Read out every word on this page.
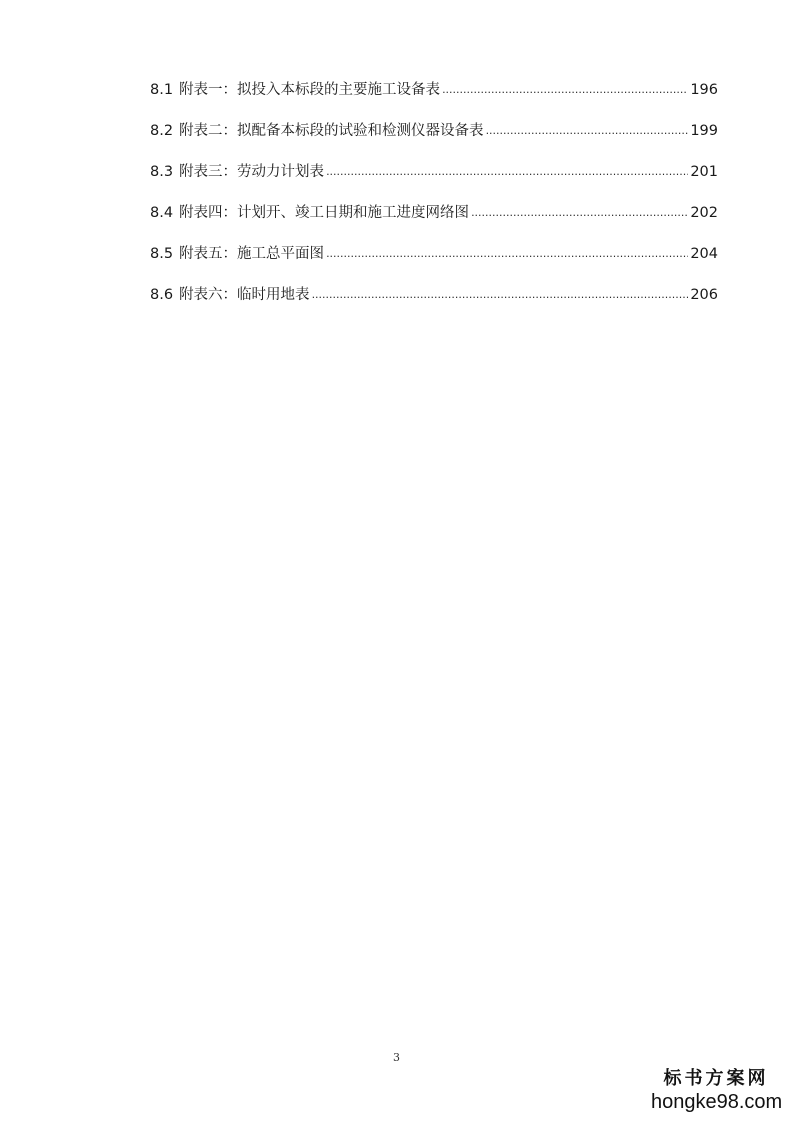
8.1 附表一：拟投入本标段的主要施工设备表 .....	196
8.2 附表二：拟配备本标段的试验和检测仪器设备表 .....	199
8.3 附表三：劳动力计划表 .....	201
8.4 附表四：计划开、竣工日期和施工进度网络图 .....	202
8.5 附表五：施工总平面图 .....	204
8.6 附表六：临时用地表 .....	206
3
标书方案网
hongke98.com
